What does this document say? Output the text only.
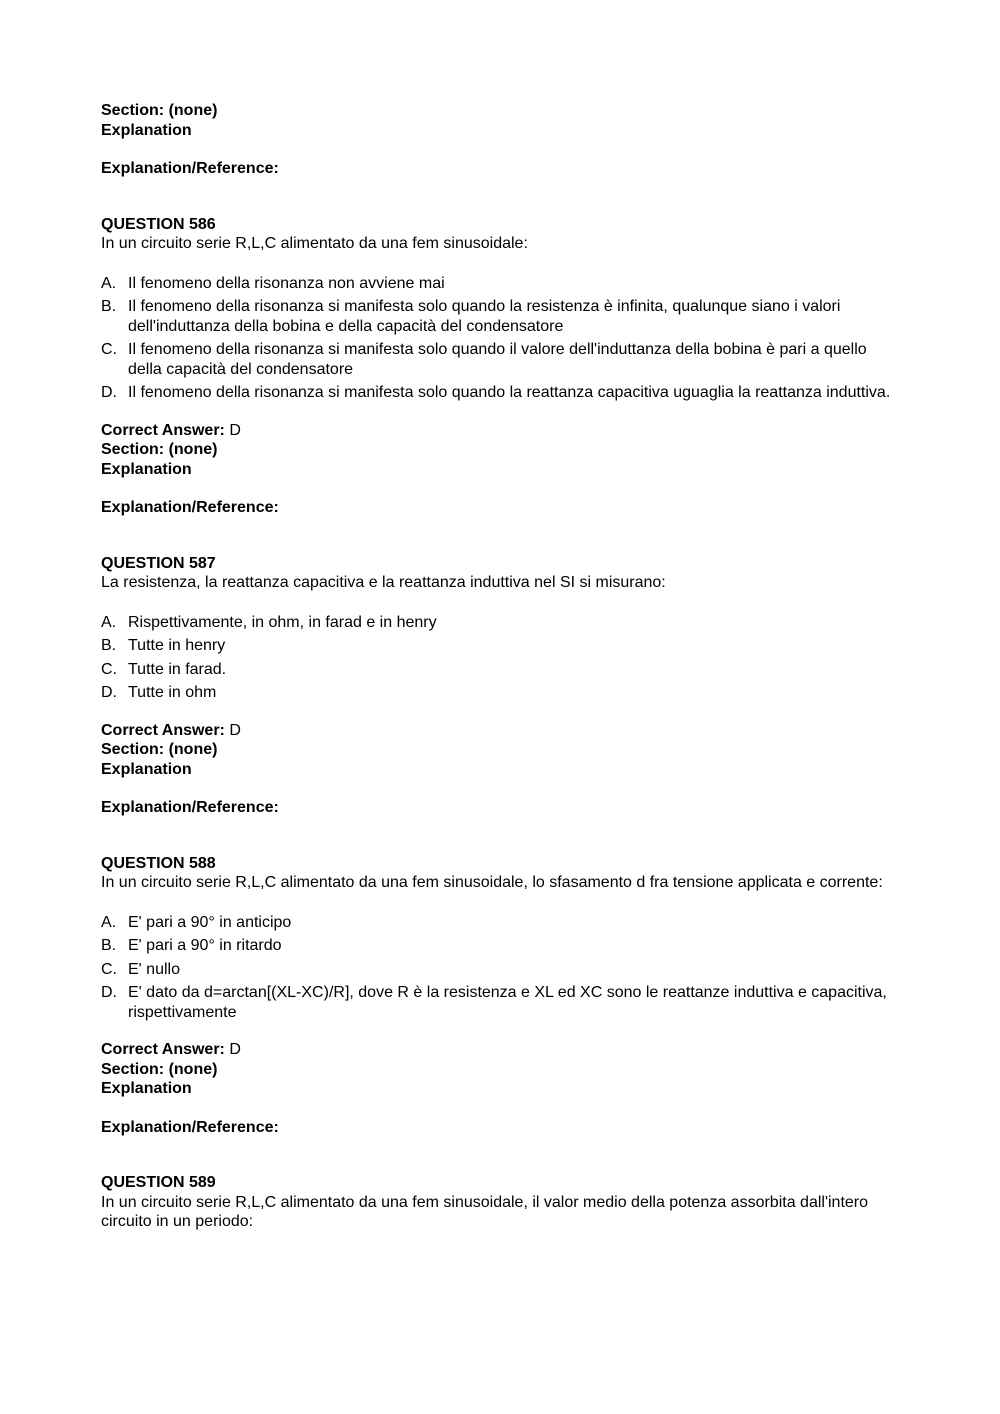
Section: (none)
Explanation
Explanation/Reference:
QUESTION 586
In un circuito serie R,L,C alimentato da una fem sinusoidale:
A. Il fenomeno della risonanza non avviene mai
B. Il fenomeno della risonanza si manifesta solo quando la resistenza è infinita, qualunque siano i valori dell'induttanza della bobina e della capacità del condensatore
C. Il fenomeno della risonanza si manifesta solo quando il valore dell'induttanza della bobina è pari a quello della capacità del condensatore
D. Il fenomeno della risonanza si manifesta solo quando la reattanza capacitiva uguaglia la reattanza induttiva.
Correct Answer: D
Section: (none)
Explanation
Explanation/Reference:
QUESTION 587
La resistenza, la reattanza capacitiva e la reattanza induttiva nel SI si misurano:
A. Rispettivamente, in ohm, in farad e in henry
B. Tutte in henry
C. Tutte in farad.
D. Tutte in ohm
Correct Answer: D
Section: (none)
Explanation
Explanation/Reference:
QUESTION 588
In un circuito serie R,L,C alimentato da una fem sinusoidale, lo sfasamento d fra tensione applicata e corrente:
A. E' pari a 90° in anticipo
B. E' pari a 90° in ritardo
C. E' nullo
D. E' dato da d=arctan[(XL-XC)/R], dove R è la resistenza e XL ed XC sono le reattanze induttiva e capacitiva, rispettivamente
Correct Answer: D
Section: (none)
Explanation
Explanation/Reference:
QUESTION 589
In un circuito serie R,L,C alimentato da una fem sinusoidale, il valor medio della potenza assorbita dall'intero circuito in un periodo:
